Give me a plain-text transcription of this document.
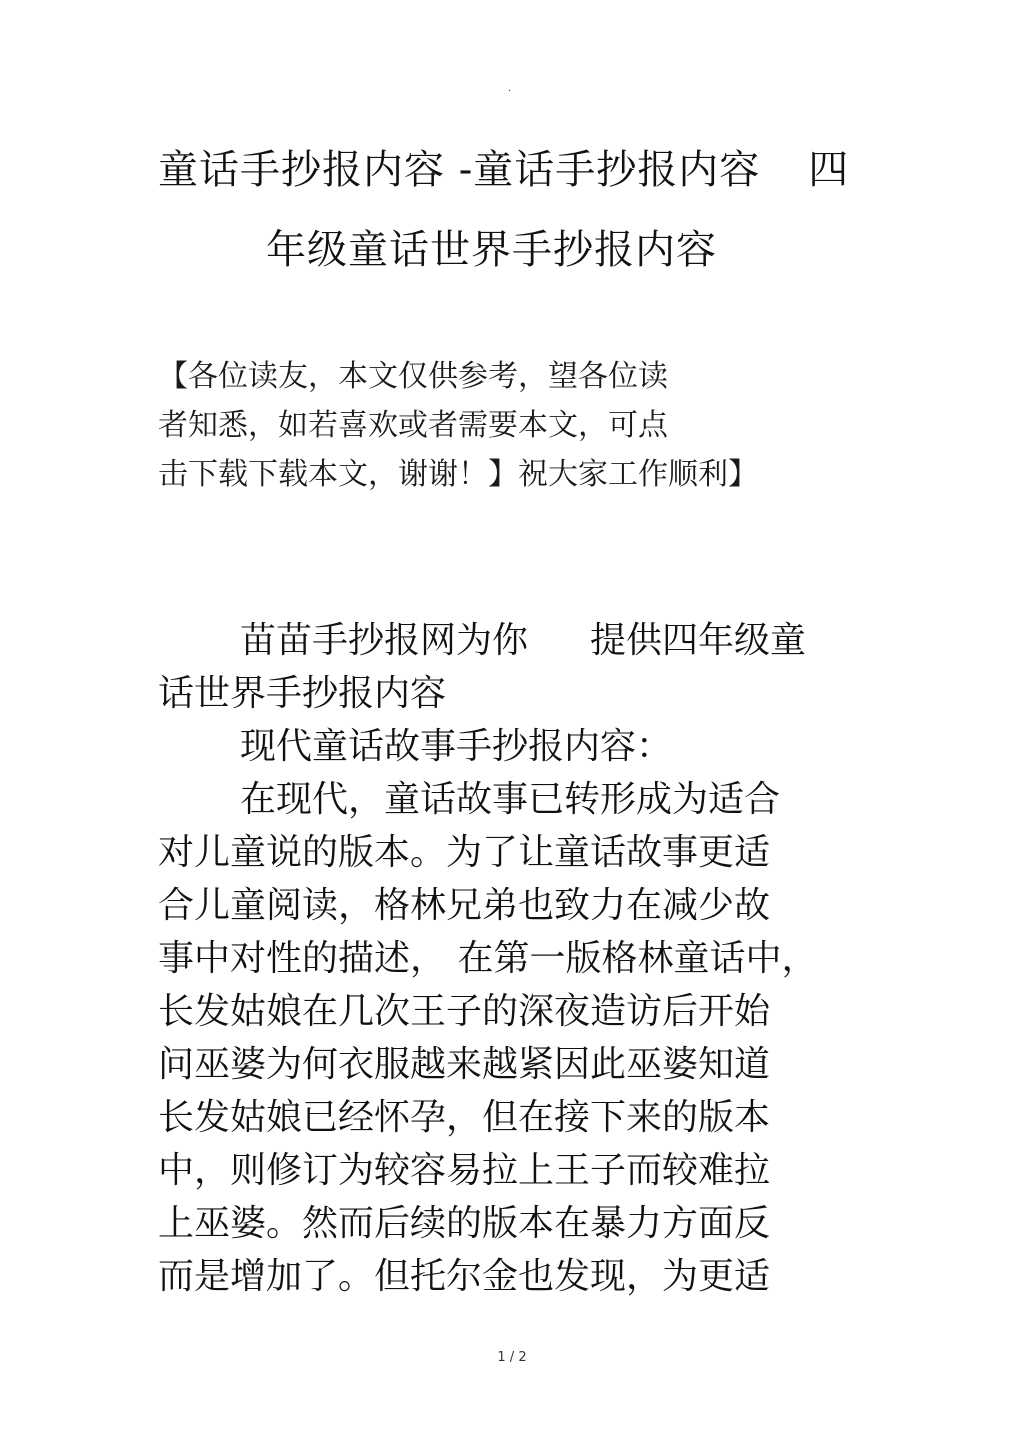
.
童话手抄报内容 -童话手抄报内容 四
年级童话世界手抄报内容
【各位读友，本文仅供参考，望各位读
者知悉，如若喜欢或者需要本文，可点
击下载下载本文，谢谢！】祝大家工作顺利】
苗苗手抄报网为你 提供四年级童
话世界手抄报内容
现代童话故事手抄报内容：
在现代，童话故事已转形成为适合
对儿童说的版本。为了让童话故事更适
合儿童阅读，格林兄弟也致力在减少故
事中对性的描述， 在第一版格林童话中，
长发姑娘在几次王子的深夜造访后开始
问巫婆为何衣服越来越紧因此巫婆知道
长发姑娘已经怀孕，但在接下来的版本
中，则修订为较容易拉上王子而较难拉
上巫婆。然而后续的版本在暴力方面反
而是增加了。但托尔金也发现，为更适
1 / 2
